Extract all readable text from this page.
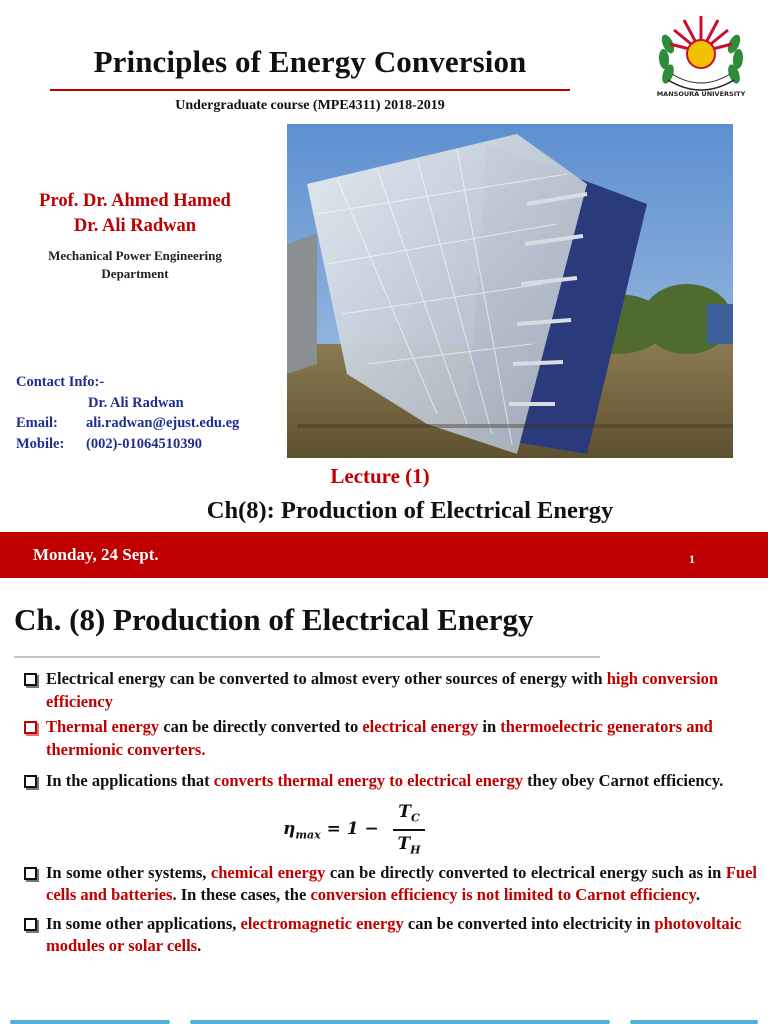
Principles of Energy Conversion
Undergraduate course (MPE4311) 2018-2019
MANSOURA UNIVERSITY
Prof. Dr. Ahmed Hamed
Dr. Ali Radwan
Mechanical Power Engineering
Department
Contact Info:-
Dr. Ali Radwan
Email: ali.radwan@ejust.edu.eg
Mobile: (002)-01064510390
Lecture (1)
Ch(8): Production of Electrical Energy
Monday, 24 Sept.	1
Ch. (8) Production of Electrical Energy
Electrical energy can be converted to almost every other sources of energy with high conversion efficiency
Thermal energy can be directly converted to electrical energy in thermoelectric generators and thermionic converters.
In the applications that converts thermal energy to electrical energy they obey Carnot efficiency.
In some other systems, chemical energy can be directly converted to electrical energy such as in Fuel cells and batteries. In these cases, the conversion efficiency is not limited to Carnot efficiency.
In some other applications, electromagnetic energy can be converted into electricity in photovoltaic modules or solar cells.
$\eta_{max} = 1$ −
$T_C$
$T_H$
